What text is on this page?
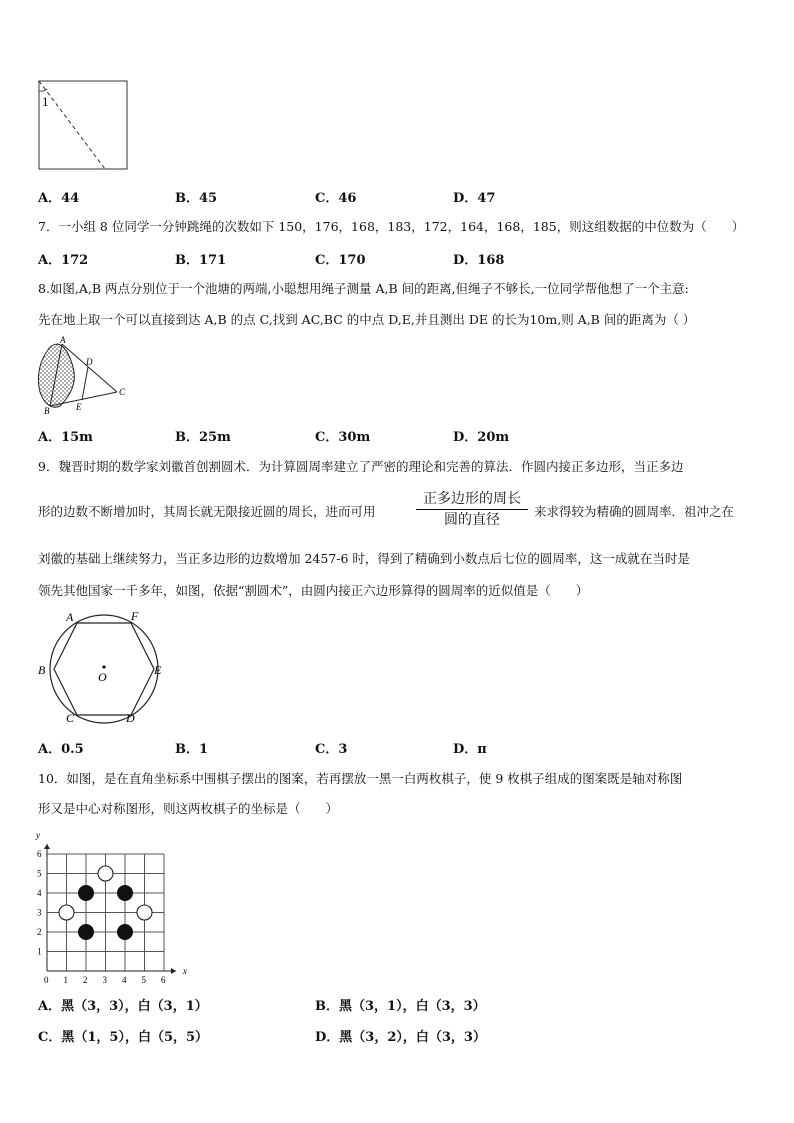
1
A．44	B．45	C．46	D．47
7．一小组 8 位同学一分钟跳绳的次数如下 150，176，168，183，172，164，168，185，则这组数据的中位数为（　　）
A．172	B．171	C．170	D．168
8.如图,A,B 两点分别位于一个池塘的两端,小聪想用绳子测量 A,B 间的距离,但绳子不够长,一位同学帮他想了一个主意:
先在地上取一个可以直接到达 A,B 的点 C,找到 AC,BC 的中点 D,E,并且测出 DE 的长为10m,则 A,B 间的距离为（ ）
A
D
C
E
B
A．15m	B．25m	C．30m	D．20m
9．魏晋时期的数学家刘徽首创割圆术．为计算圆周率建立了严密的理论和完善的算法．作圆内接正多边形，当正多边
形的边数不断增加时，其周长就无限接近圆的周长，进而可用
正多边形的周长
圆的直径
来求得较为精确的圆周率．祖冲之在
刘徽的基础上继续努力，当正多边形的边数增加 2457-6 时，得到了精确到小数点后七位的圆周率，这一成就在当时是
领先其他国家一千多年，如图，依据“割圆术”，由圆内接正六边形算得的圆周率的近似值是（　　）
A	F
B	O	E
C	D
A．0.5	B．1	C．3	D．π
10．如图，是在直角坐标系中围棋子摆出的图案，若再摆放一黑一白两枚棋子，使 9 枚棋子组成的图案既是轴对称图
形又是中心对称图形，则这两枚棋子的坐标是（　　）
0 1 2 3 4 5 6
1
2
3
4
5
6
y
x
A．黑（3，3），白（3，1）	B．黑（3，1），白（3，3）
C．黑（1，5），白（5，5）	D．黑（3，2），白（3，3）
